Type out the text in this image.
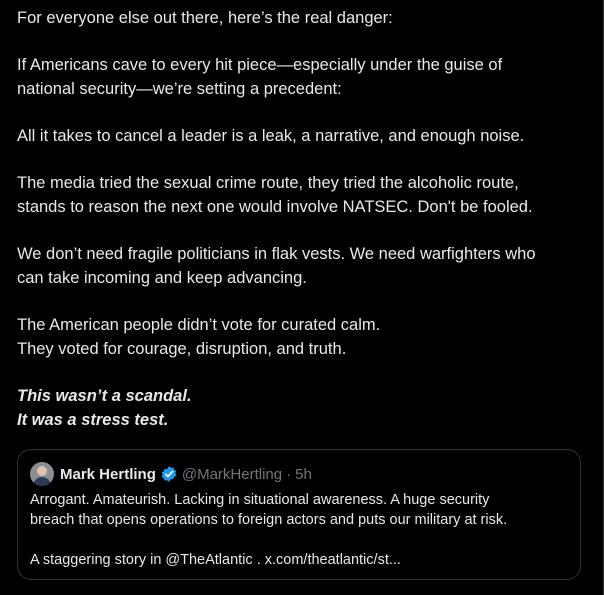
For everyone else out there, here’s the real danger:

If Americans cave to every hit piece—especially under the guise of
national security—we’re setting a precedent:

All it takes to cancel a leader is a leak, a narrative, and enough noise.

The media tried the sexual crime route, they tried the alcoholic route,
stands to reason the next one would involve NATSEC. Don't be fooled.

We don’t need fragile politicians in flak vests. We need warfighters who
can take incoming and keep advancing.

The American people didn’t vote for curated calm.
They voted for courage, disruption, and truth.

This wasn’t a scandal.
It was a stress test.

Mark Hertling @MarkHertling · 5h
Arrogant. Amateurish. Lacking in situational awareness. A huge security
breach that opens operations to foreign actors and puts our military at risk.
A staggering story in @TheAtlantic . x.com/theatlantic/st...
